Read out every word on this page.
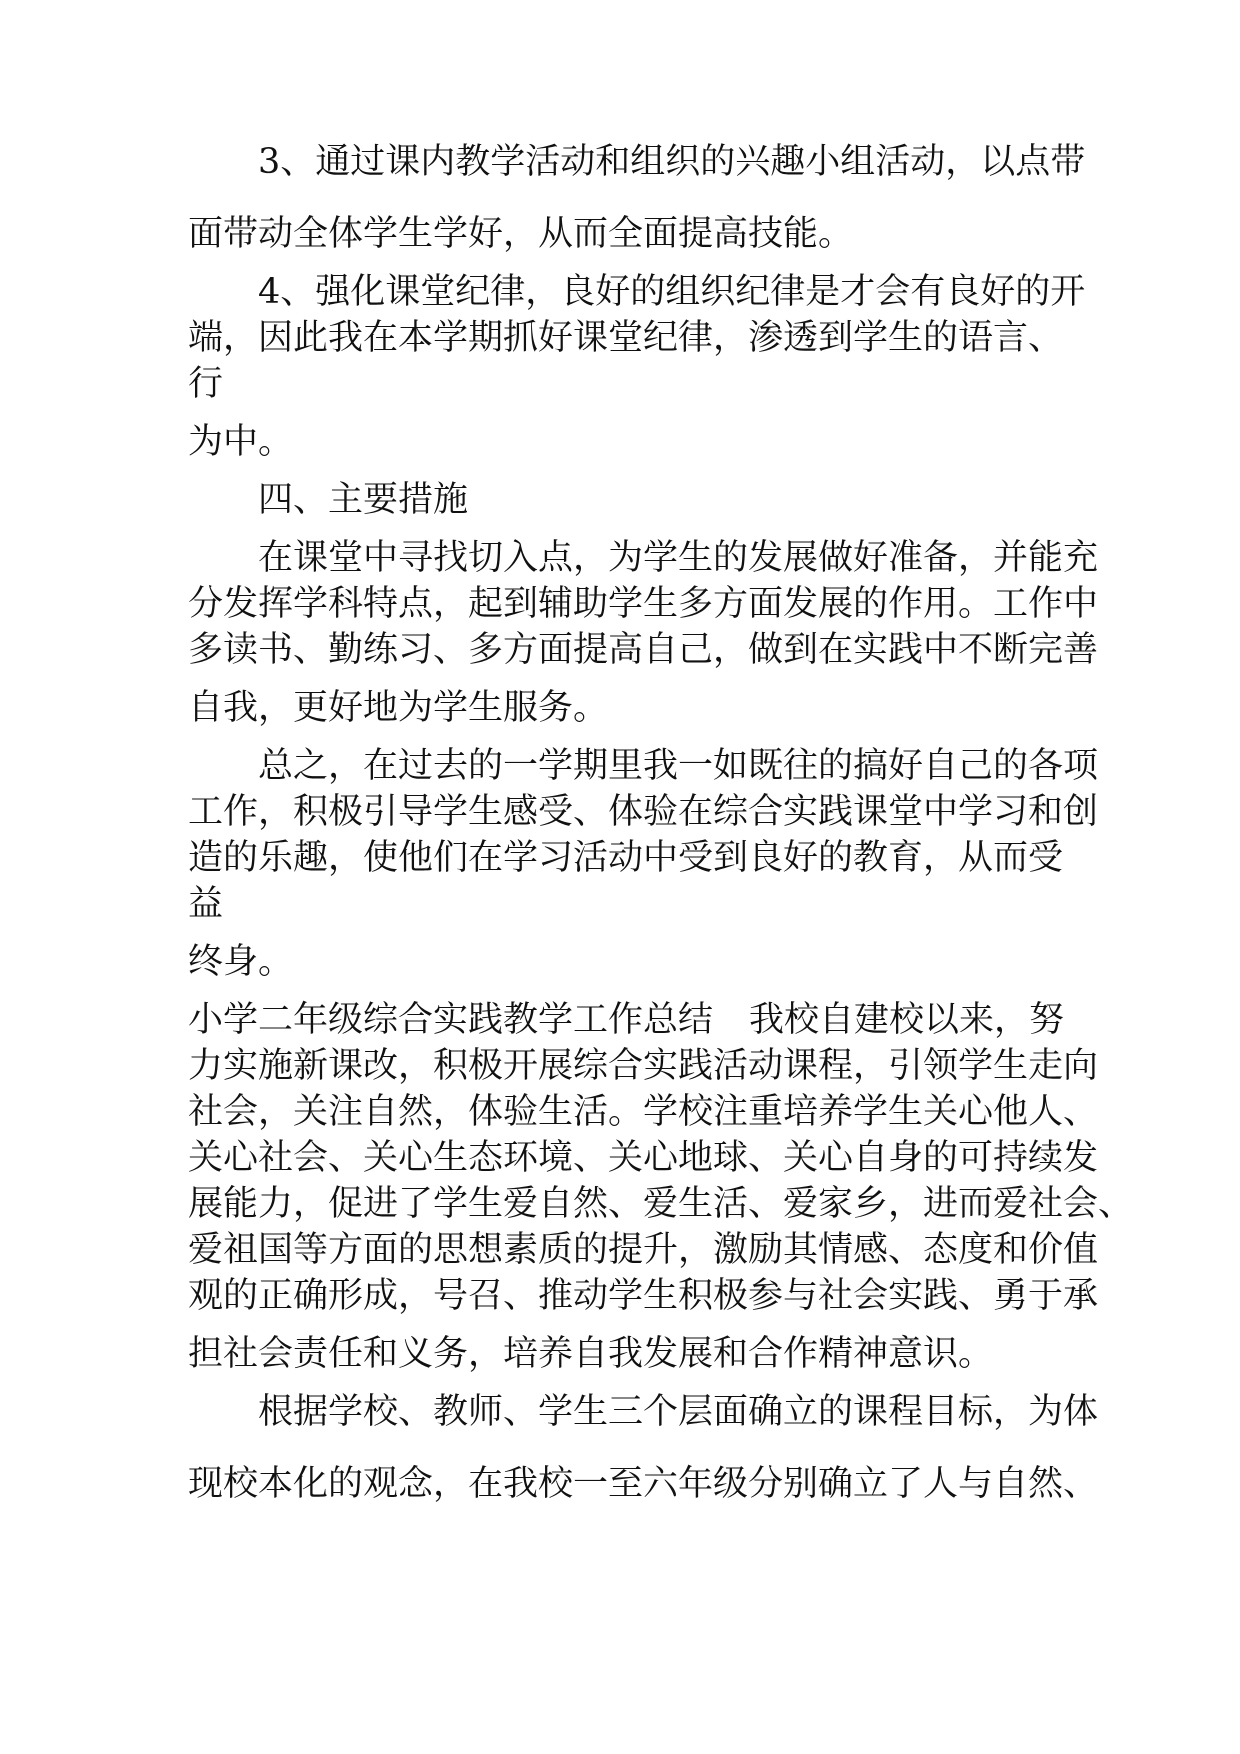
3、通过课内教学活动和组织的兴趣小组活动，以点带

面带动全体学生学好，从而全面提高技能。

4、强化课堂纪律，良好的组织纪律是才会有良好的开

端，因此我在本学期抓好课堂纪律，渗透到学生的语言、

行

为中。

四、主要措施

在课堂中寻找切入点，为学生的发展做好准备，并能充

分发挥学科特点，起到辅助学生多方面发展的作用。工作中

多读书、勤练习、多方面提高自己，做到在实践中不断完善

自我，更好地为学生服务。

总之，在过去的一学期里我一如既往的搞好自己的各项

工作，积极引导学生感受、体验在综合实践课堂中学习和创

造的乐趣，使他们在学习活动中受到良好的教育，从而受

益

终身。

小学二年级综合实践教学工作总结 我校自建校以来，努

力实施新课改，积极开展综合实践活动课程，引领学生走向

社会，关注自然，体验生活。学校注重培养学生关心他人、

关心社会、关心生态环境、关心地球、关心自身的可持续发

展能力，促进了学生爱自然、爱生活、爱家乡，进而爱社会、

爱祖国等方面的思想素质的提升，激励其情感、态度和价值

观的正确形成，号召、推动学生积极参与社会实践、勇于承

担社会责任和义务，培养自我发展和合作精神意识。

根据学校、教师、学生三个层面确立的课程目标，为体

现校本化的观念，在我校一至六年级分别确立了人与自然、
